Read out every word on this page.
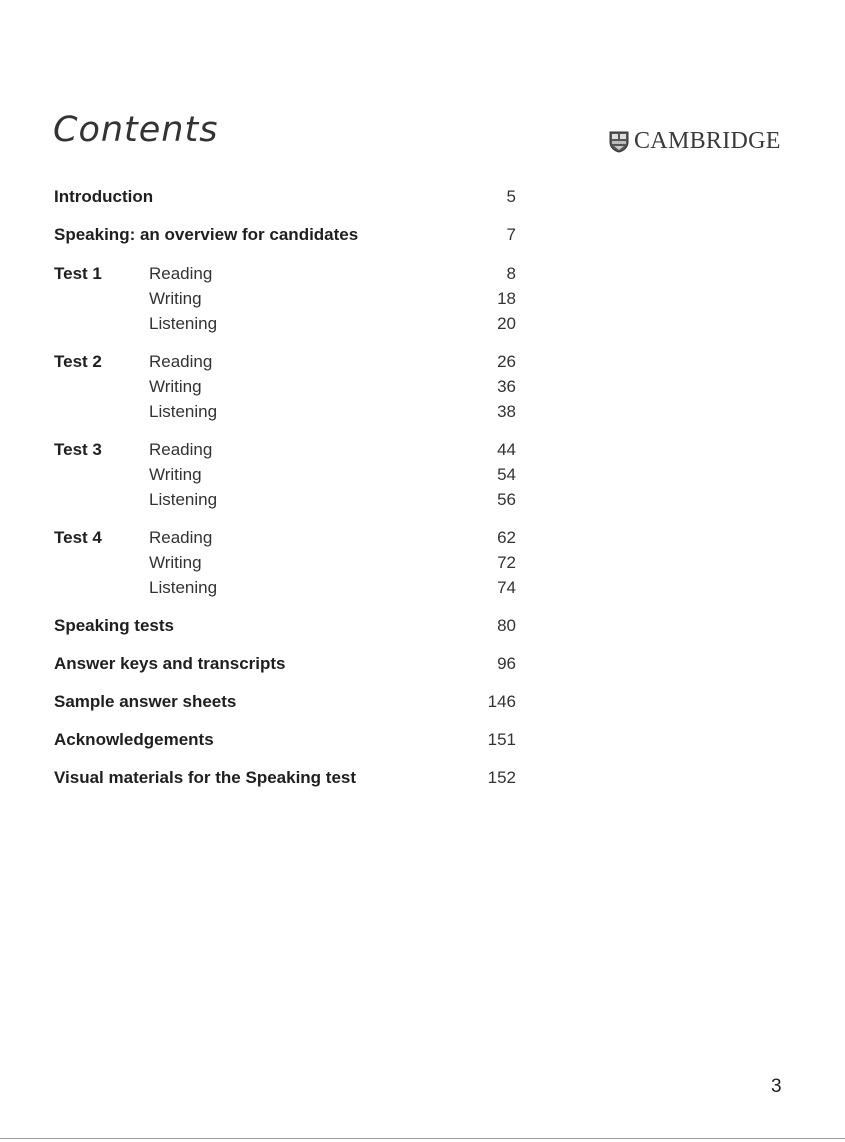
Contents	CAMBRIDGE
Introduction	5
Speaking: an overview for candidates	7
Test 1	Reading	8
Writing	18
Listening	20
Test 2	Reading	26
Writing	36
Listening	38
Test 3	Reading	44
Writing	54
Listening	56
Test 4	Reading	62
Writing	72
Listening	74
Speaking tests	80
Answer keys and transcripts	96
Sample answer sheets	146
Acknowledgements	151
Visual materials for the Speaking test	152
3
